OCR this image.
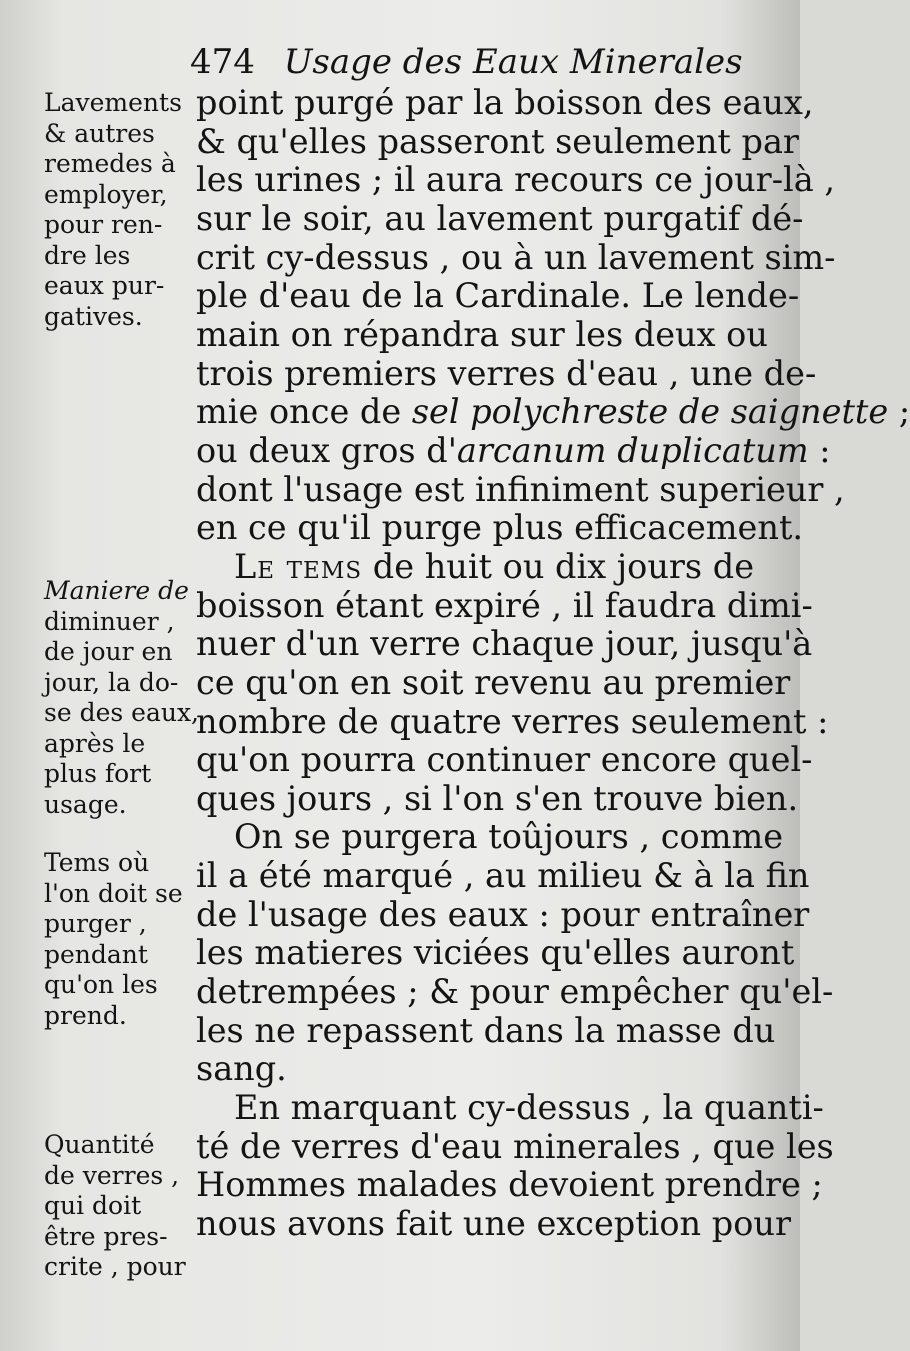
474 Usage des Eaux Minerales
Lavements
& autres
remedes à
employer,
pour ren-
dre les
eaux pur-
gatives.
Maniere de
diminuer ,
de jour en
jour, la do-
se des eaux,
après le
plus fort
usage.
Tems où
l'on doit se
purger ,
pendant
qu'on les
prend.
Quantité
de verres ,
qui doit
être pres-
crite , pour
point purgé par la boisson des eaux,
& qu'elles passeront seulement par
les urines ; il aura recours ce jour-là ,
sur le soir, au lavement purgatif dé-
crit cy-dessus , ou à un lavement sim-
ple d'eau de la Cardinale. Le lende-
main on répandra sur les deux ou
trois premiers verres d'eau , une de-
mie once de sel polychreste de saignette ;
ou deux gros d'arcanum duplicatum :
dont l'usage est infiniment superieur ,
en ce qu'il purge plus efficacement.
Le tems de huit ou dix jours de
boisson étant expiré , il faudra dimi-
nuer d'un verre chaque jour, jusqu'à
ce qu'on en soit revenu au premier
nombre de quatre verres seulement :
qu'on pourra continuer encore quel-
ques jours , si l'on s'en trouve bien.
On se purgera toûjours , comme
il a été marqué , au milieu & à la fin
de l'usage des eaux : pour entraîner
les matieres viciées qu'elles auront
detrempées ; & pour empêcher qu'el-
les ne repassent dans la masse du
sang.
En marquant cy-dessus , la quanti-
té de verres d'eau minerales , que les
Hommes malades devoient prendre ;
nous avons fait une exception pour
